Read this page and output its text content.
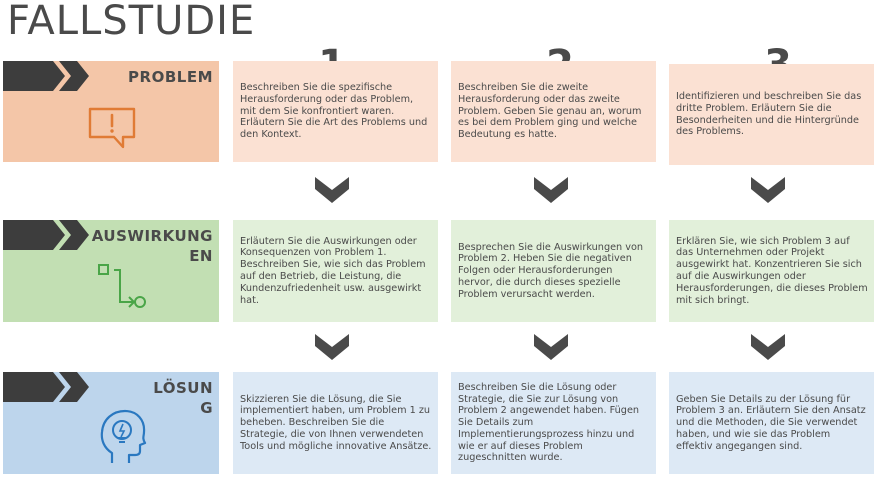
FALLSTUDIE
PROBLEM
Beschreiben Sie die spezifische Herausforderung oder das Problem, mit dem Sie konfrontiert waren. Erläutern Sie die Art des Problems und den Kontext.
Beschreiben Sie die zweite Herausforderung oder das zweite Problem. Geben Sie genau an, worum es bei dem Problem ging und welche Bedeutung es hatte.
Identifizieren und beschreiben Sie das dritte Problem. Erläutern Sie die Besonderheiten und die Hintergründe des Problems.
AUSWIRKUNGEN
Erläutern Sie die Auswirkungen oder Konsequenzen von Problem 1. Beschreiben Sie, wie sich das Problem auf den Betrieb, die Leistung, die Kundenzufriedenheit usw. ausgewirkt hat.
Besprechen Sie die Auswirkungen von Problem 2. Heben Sie die negativen Folgen oder Herausforderungen hervor, die durch dieses spezielle Problem verursacht werden.
Erklären Sie, wie sich Problem 3 auf das Unternehmen oder Projekt ausgewirkt hat. Konzentrieren Sie sich auf die Auswirkungen oder Herausforderungen, die dieses Problem mit sich bringt.
LÖSUNG	Skizzieren Sie die Lösung, die Sie implementiert haben, um Problem 1 zu beheben. Beschreiben Sie die Strategie, die von Ihnen verwendeten Tools und mögliche innovative Ansätze.
Beschreiben Sie die Lösung oder Strategie, die Sie zur Lösung von Problem 2 angewendet haben. Fügen Sie Details zum Implementierungsprozess hinzu und wie er auf dieses Problem zugeschnitten wurde.
Geben Sie Details zu der Lösung für Problem 3 an. Erläutern Sie den Ansatz und die Methoden, die Sie verwendet haben, und wie sie das Problem effektiv angegangen sind.
